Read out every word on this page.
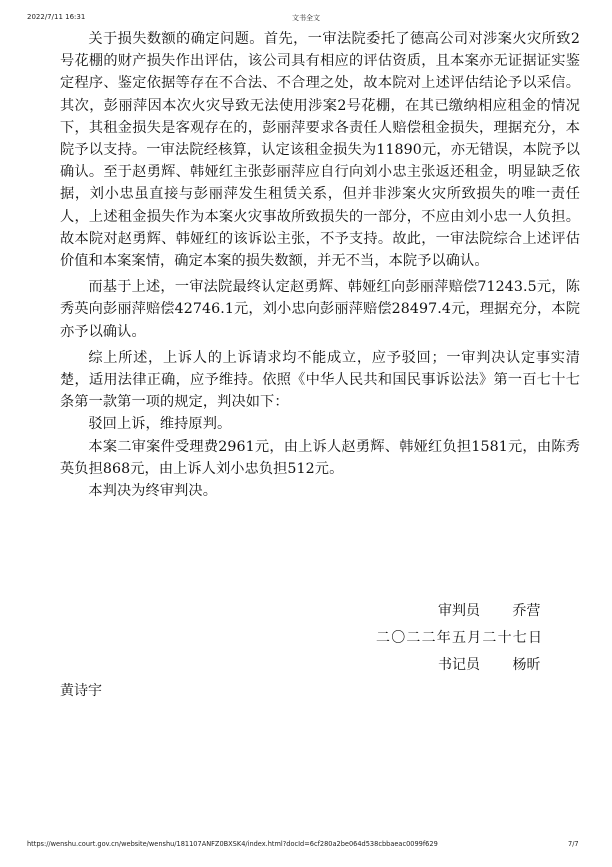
2022/7/11 16:31	文书全文

关于损失数额的确定问题。首先，一审法院委托了德高公司对涉案火灾所致2号花棚的财产损失作出评估，该公司具有相应的评估资质，且本案亦无证据证实鉴定程序、鉴定依据等存在不合法、不合理之处，故本院对上述评估结论予以采信。其次，彭丽萍因本次火灾导致无法使用涉案2号花棚，在其已缴纳相应租金的情况下，其租金损失是客观存在的，彭丽萍要求各责任人赔偿租金损失，理据充分，本院予以支持。一审法院经核算，认定该租金损失为11890元，亦无错误，本院予以确认。至于赵勇辉、韩娅红主张彭丽萍应自行向刘小忠主张返还租金，明显缺乏依据，刘小忠虽直接与彭丽萍发生租赁关系，但并非涉案火灾所致损失的唯一责任人，上述租金损失作为本案火灾事故所致损失的一部分，不应由刘小忠一人负担。故本院对赵勇辉、韩娅红的该诉讼主张，不予支持。故此，一审法院综合上述评估价值和本案案情，确定本案的损失数额，并无不当，本院予以确认。

而基于上述，一审法院最终认定赵勇辉、韩娅红向彭丽萍赔偿71243.5元，陈秀英向彭丽萍赔偿42746.1元，刘小忠向彭丽萍赔偿28497.4元，理据充分，本院亦予以确认。

综上所述，上诉人的上诉请求均不能成立，应予驳回；一审判决认定事实清楚，适用法律正确，应予维持。依照《中华人民共和国民事诉讼法》第一百七十七条第一款第一项的规定，判决如下：

驳回上诉，维持原判。

本案二审案件受理费2961元，由上诉人赵勇辉、韩娅红负担1581元，由陈秀英负担868元，由上诉人刘小忠负担512元。

本判决为终审判决。

审判员 乔营
二〇二二年五月二十七日
书记员 杨昕
黄诗宇
https://wenshu.court.gov.cn/website/wenshu/181107ANFZ0BXSK4/index.html?docId=6cf280a2be064d538cbbaeac0099f629	7/7
